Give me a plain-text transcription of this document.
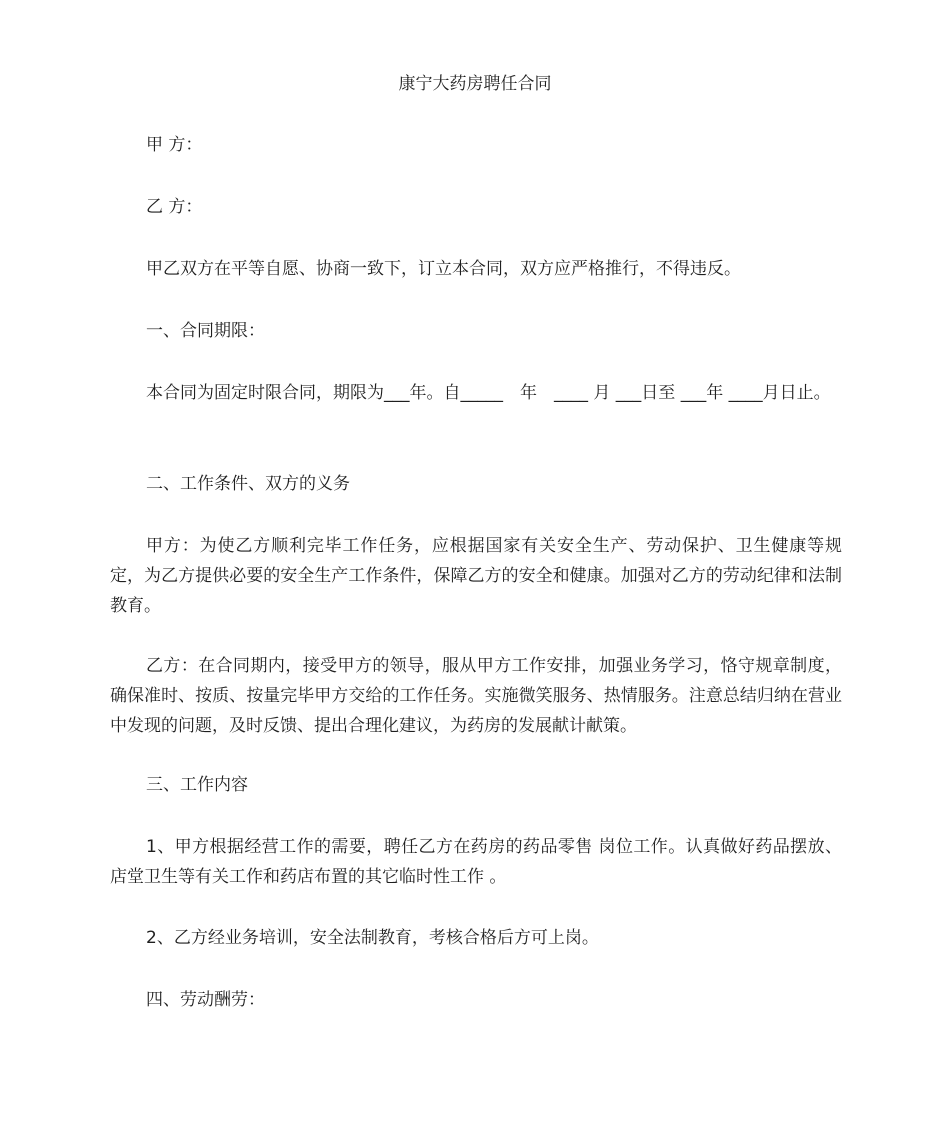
康宁大药房聘任合同
甲 方：
乙 方：
甲乙双方在平等自愿、协商一致下，订立本合同，双方应严格推行，不得违反。
一、合同期限：
本合同为固定时限合同，期限为___年。自_____　年　____ 月 ___日至 ___年 ____月日止。
二、工作条件、双方的义务
甲方：为使乙方顺利完毕工作任务，应根据国家有关安全生产、劳动保护、卫生健康等规定，为乙方提供必要的安全生产工作条件，保障乙方的安全和健康。加强对乙方的劳动纪律和法制教育。
乙方：在合同期内，接受甲方的领导，服从甲方工作安排，加强业务学习，恪守规章制度，确保准时、按质、按量完毕甲方交给的工作任务。实施微笑服务、热情服务。注意总结归纳在营业中发现的问题，及时反馈、提出合理化建议，为药房的发展献计献策。
三、工作内容
1、甲方根据经营工作的需要，聘任乙方在药房的药品零售 岗位工作。认真做好药品摆放、店堂卫生等有关工作和药店布置的其它临时性工作 。
2、乙方经业务培训，安全法制教育，考核合格后方可上岗。
四、劳动酬劳：
